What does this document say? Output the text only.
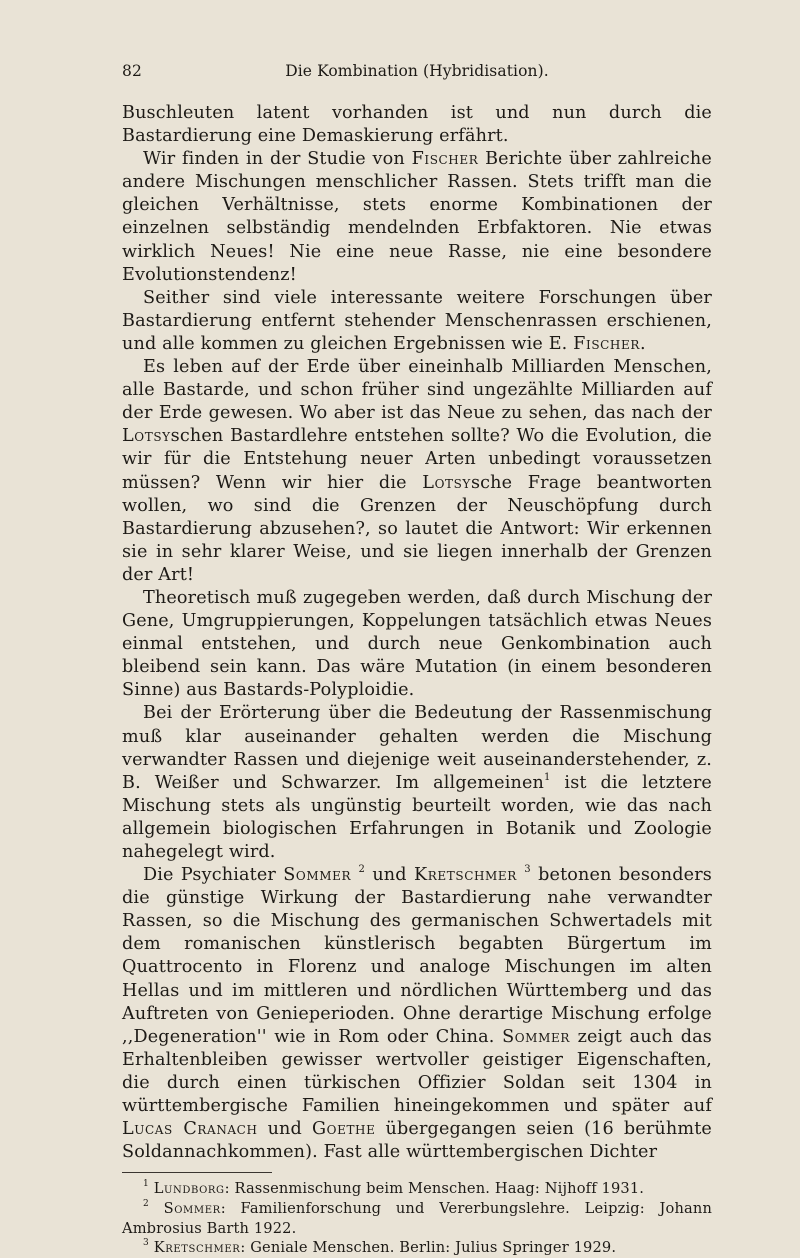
82	Die Kombination (Hybridisation).

Buschleuten latent vorhanden ist und nun durch die Bastardierung eine Demaskierung erfährt.

Wir finden in der Studie von Fischer Berichte über zahlreiche andere Mischungen menschlicher Rassen. Stets trifft man die gleichen Verhältnisse, stets enorme Kombinationen der einzelnen selbständig mendelnden Erbfaktoren. Nie etwas wirklich Neues! Nie eine neue Rasse, nie eine besondere Evolutionstendenz!

Seither sind viele interessante weitere Forschungen über Bastardierung entfernt stehender Menschenrassen erschienen, und alle kommen zu gleichen Ergebnissen wie E. Fischer.

Es leben auf der Erde über eineinhalb Milliarden Menschen, alle Bastarde, und schon früher sind ungezählte Milliarden auf der Erde gewesen. Wo aber ist das Neue zu sehen, das nach der Lotsyschen Bastardlehre entstehen sollte? Wo die Evolution, die wir für die Entstehung neuer Arten unbedingt voraussetzen müssen? Wenn wir hier die Lotsysche Frage beantworten wollen, wo sind die Grenzen der Neuschöpfung durch Bastardierung abzusehen?, so lautet die Antwort: Wir erkennen sie in sehr klarer Weise, und sie liegen innerhalb der Grenzen der Art!

Theoretisch muß zugegeben werden, daß durch Mischung der Gene, Umgruppierungen, Koppelungen tatsächlich etwas Neues einmal entstehen, und durch neue Genkombination auch bleibend sein kann. Das wäre Mutation (in einem besonderen Sinne) aus Bastards-Polyploidie.

Bei der Erörterung über die Bedeutung der Rassenmischung muß klar auseinander gehalten werden die Mischung verwandter Rassen und diejenige weit auseinanderstehender, z. B. Weißer und Schwarzer. Im allgemeinen$^1$ ist die letztere Mischung stets als ungünstig beurteilt worden, wie das nach allgemein biologischen Erfahrungen in Botanik und Zoologie nahegelegt wird.

Die Psychiater Sommer $^2$ und Kretschmer $^3$ betonen besonders die günstige Wirkung der Bastardierung nahe verwandter Rassen, so die Mischung des germanischen Schwertadels mit dem romanischen künstlerisch begabten Bürgertum im Quattrocento in Florenz und analoge Mischungen im alten Hellas und im mittleren und nördlichen Württemberg und das Auftreten von Genieperioden. Ohne derartige Mischung erfolge ,,Degeneration'' wie in Rom oder China. Sommer zeigt auch das Erhaltenbleiben gewisser wertvoller geistiger Eigenschaften, die durch einen türkischen Offizier Soldan seit 1304 in württembergische Familien hineingekommen und später auf Lucas Cranach und Goethe übergegangen seien (16 berühmte Soldannachkommen). Fast alle württembergischen Dichter

$^1$ Lundborg: Rassenmischung beim Menschen. Haag: Nijhoff 1931.

$^2$ Sommer: Familienforschung und Vererbungslehre. Leipzig: Johann Ambrosius Barth 1922.

$^3$ Kretschmer: Geniale Menschen. Berlin: Julius Springer 1929.
